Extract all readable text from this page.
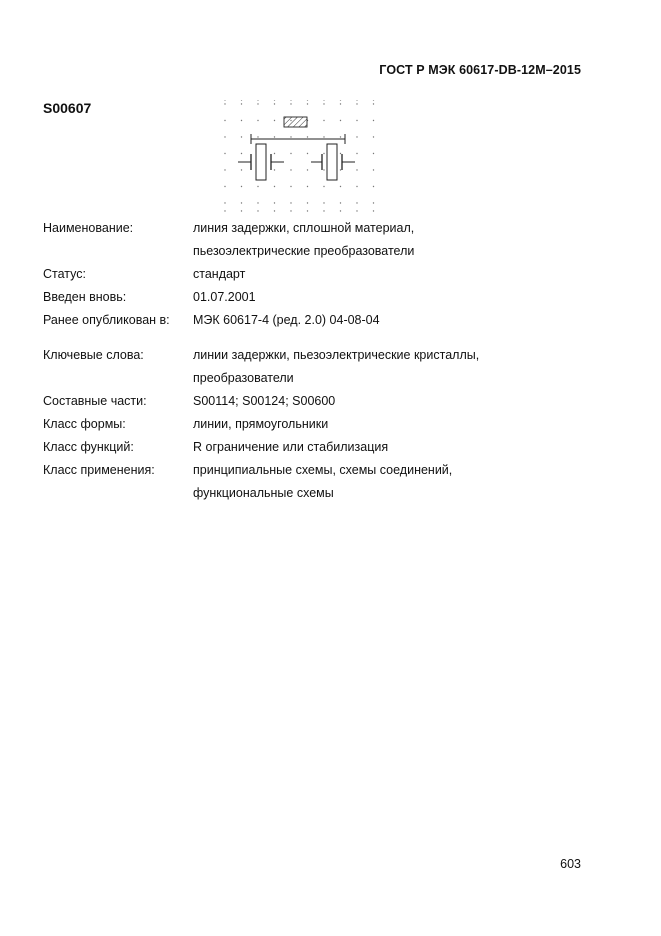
ГОСТ Р МЭК 60617-DB-12M–2015
S00607
Наименование:	линия задержки, сплошной материал,
пьезоэлектрические преобразователи
Статус:	стандарт
Введен вновь:	01.07.2001
Ранее опубликован в:	МЭК 60617-4 (ред. 2.0) 04-08-04
Ключевые слова:	линии задержки, пьезоэлектрические кристаллы,
преобразователи
Составные части:	S00114; S00124; S00600
Класс формы:	линии, прямоугольники
Класс функций:	R ограничение или стабилизация
Класс применения:	принципиальные схемы, схемы соединений,
функциональные схемы
603
